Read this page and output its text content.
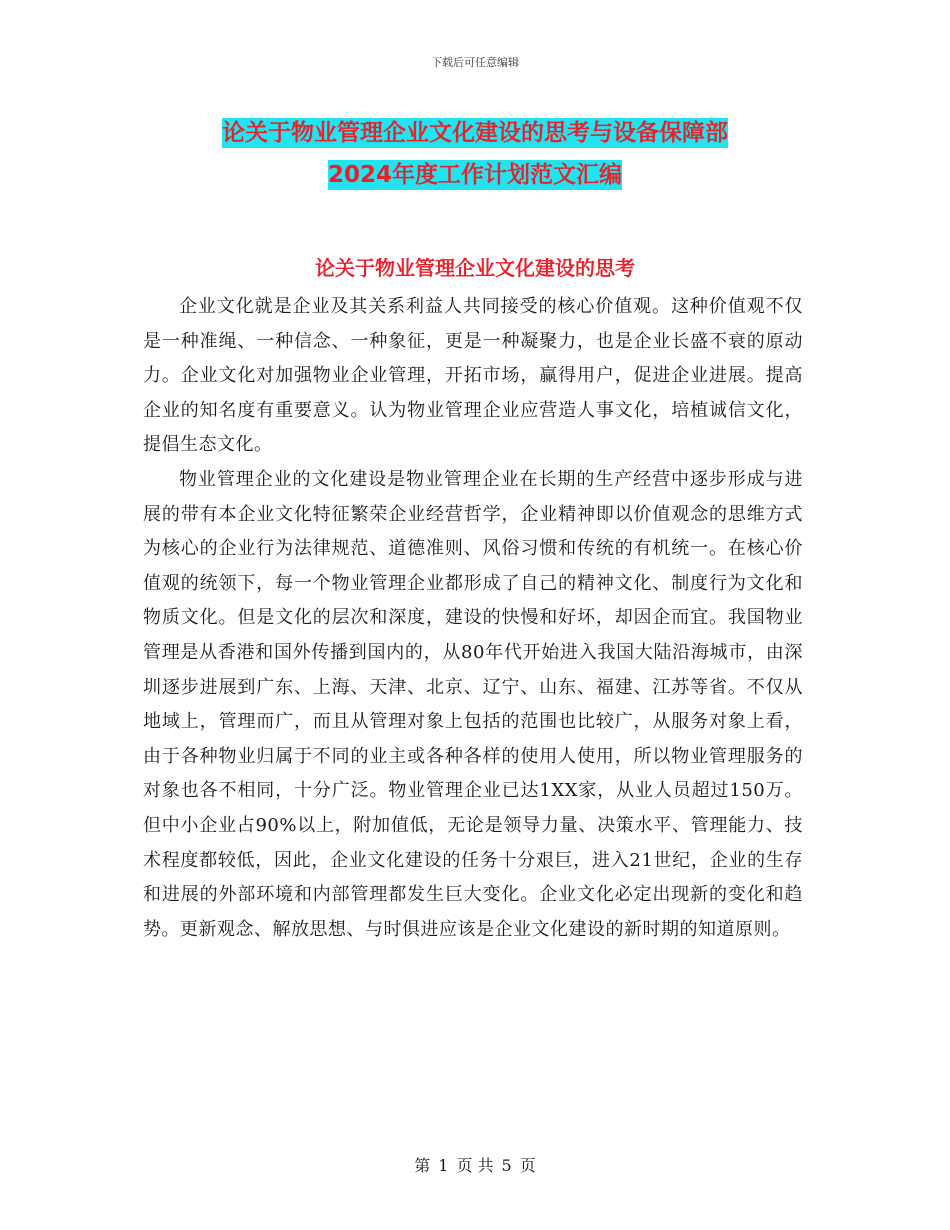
下载后可任意编辑
论关于物业管理企业文化建设的思考与设备保障部
2024年度工作计划范文汇编
论关于物业管理企业文化建设的思考

企业文化就是企业及其关系利益人共同接受的核心价值观。这种价值观不仅是一种准绳、一种信念、一种象征，更是一种凝聚力，也是企业长盛不衰的原动力。企业文化对加强物业企业管理，开拓市场，赢得用户，促进企业进展。提高企业的知名度有重要意义。认为物业管理企业应营造人事文化，培植诚信文化，提倡生态文化。

物业管理企业的文化建设是物业管理企业在长期的生产经营中逐步形成与进展的带有本企业文化特征繁荣企业经营哲学，企业精神即以价值观念的思维方式为核心的企业行为法律规范、道德准则、风俗习惯和传统的有机统一。在核心价值观的统领下，每一个物业管理企业都形成了自己的精神文化、制度行为文化和物质文化。但是文化的层次和深度，建设的快慢和好坏，却因企而宜。我国物业管理是从香港和国外传播到国内的，从80年代开始进入我国大陆沿海城市，由深圳逐步进展到广东、上海、天津、北京、辽宁、山东、福建、江苏等省。不仅从地域上，管理而广，而且从管理对象上包括的范围也比较广，从服务对象上看，由于各种物业归属于不同的业主或各种各样的使用人使用，所以物业管理服务的对象也各不相同，十分广泛。物业管理企业已达1XX家，从业人员超过150万。但中小企业占90%以上，附加值低，无论是领导力量、决策水平、管理能力、技术程度都较低，因此，企业文化建设的任务十分艰巨，进入21世纪，企业的生存和进展的外部环境和内部管理都发生巨大变化。企业文化必定出现新的变化和趋势。更新观念、解放思想、与时俱进应该是企业文化建设的新时期的知道原则。

第 1 页 共 5 页
